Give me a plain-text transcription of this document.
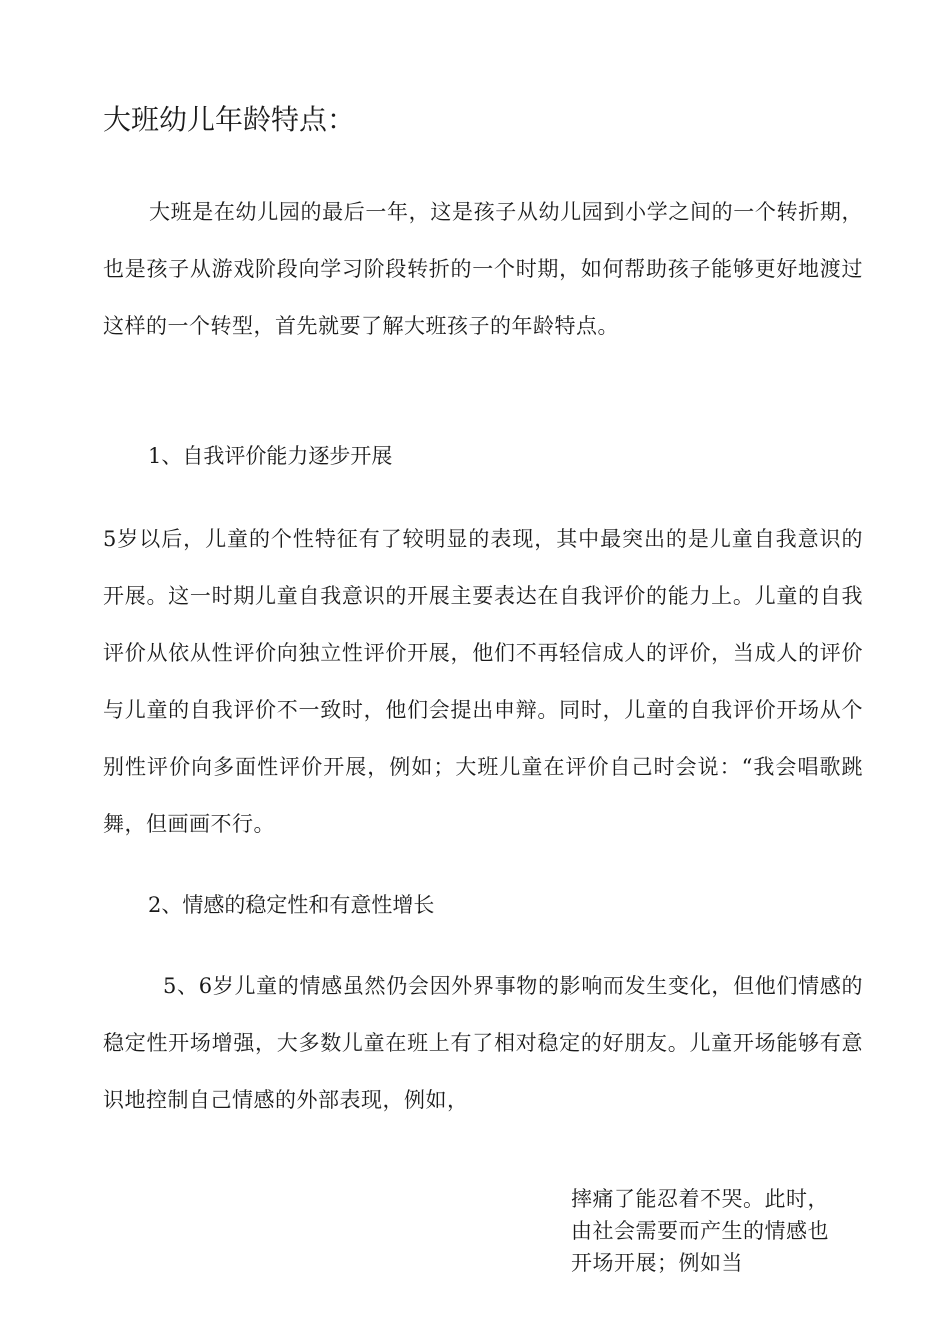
大班幼儿年龄特点：
大班是在幼儿园的最后一年，这是孩子从幼儿园到小学之间的一个转折期，也是孩子从游戏阶段向学习阶段转折的一个时期，如何帮助孩子能够更好地渡过这样的一个转型，首先就要了解大班孩子的年龄特点。
1、自我评价能力逐步开展
5岁以后，儿童的个性特征有了较明显的表现，其中最突出的是儿童自我意识的开展。这一时期儿童自我意识的开展主要表达在自我评价的能力上。儿童的自我评价从依从性评价向独立性评价开展，他们不再轻信成人的评价，当成人的评价与儿童的自我评价不一致时，他们会提出申辩。同时，儿童的自我评价开场从个别性评价向多面性评价开展，例如；大班儿童在评价自己时会说：“我会唱歌跳舞，但画画不行。
2、情感的稳定性和有意性增长
5、6岁儿童的情感虽然仍会因外界事物的影响而发生变化，但他们情感的稳定性开场增强，大多数儿童在班上有了相对稳定的好朋友。儿童开场能够有意识地控制自己情感的外部表现，例如，
摔痛了能忍着不哭。此时，由社会需要而产生的情感也开场开展；例如当
